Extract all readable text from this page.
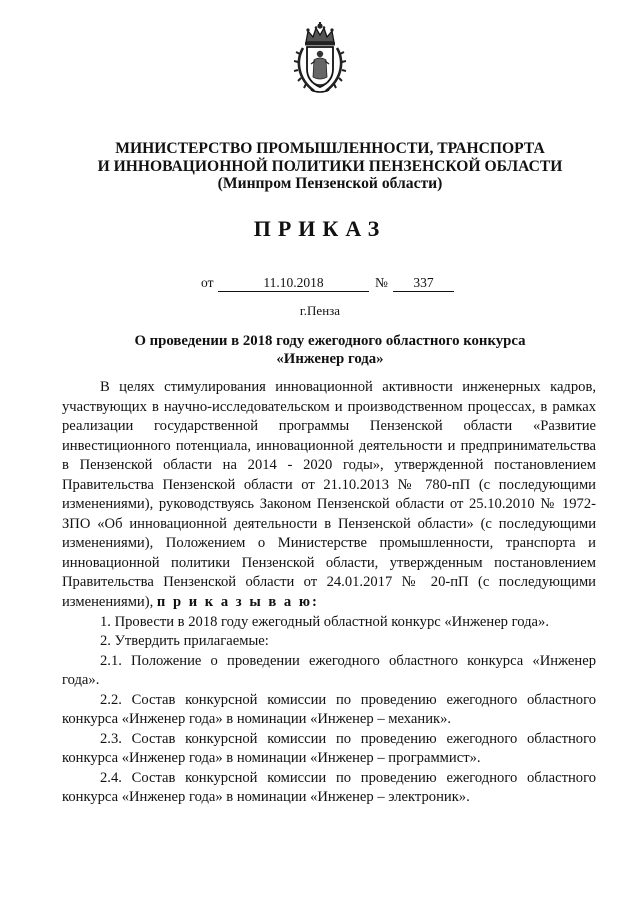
МИНИСТЕРСТВО ПРОМЫШЛЕННОСТИ, ТРАНСПОРТА
И ИННОВАЦИОННОЙ ПОЛИТИКИ ПЕНЗЕНСКОЙ ОБЛАСТИ
(Минпром Пензенской области)
ПРИКАЗ
от	11.10.2018	№	337
г.Пенза
О проведении в 2018 году ежегодного областного конкурса
«Инженер года»

В целях стимулирования инновационной активности инженерных кадров, участвующих в научно-исследовательском и производственном процессах, в рамках реализации государственной программы Пензенской области «Развитие инвестиционного потенциала, инновационной деятельности и предпринимательства в Пензенской области на 2014 - 2020 годы», утвержденной постановлением Правительства Пензенской области от 21.10.2013 № 780-пП (с последующими изменениями), руководствуясь Законом Пензенской области от 25.10.2010 № 1972-ЗПО «Об инновационной деятельности в Пензенской области» (с последующими изменениями), Положением о Министерстве промышленности, транспорта и инновационной политики Пензенской области, утвержденным постановлением Правительства Пензенской области от 24.01.2017 № 20-пП (с последующими изменениями), п р и к а з ы в а ю:

1. Провести в 2018 году ежегодный областной конкурс «Инженер года».

2. Утвердить прилагаемые:

2.1. Положение о проведении ежегодного областного конкурса «Инженер года».

2.2. Состав конкурсной комиссии по проведению ежегодного областного конкурса «Инженер года» в номинации «Инженер – механик».

2.3. Состав конкурсной комиссии по проведению ежегодного областного конкурса «Инженер года» в номинации «Инженер – программист».

2.4. Состав конкурсной комиссии по проведению ежегодного областного конкурса «Инженер года» в номинации «Инженер – электроник».
